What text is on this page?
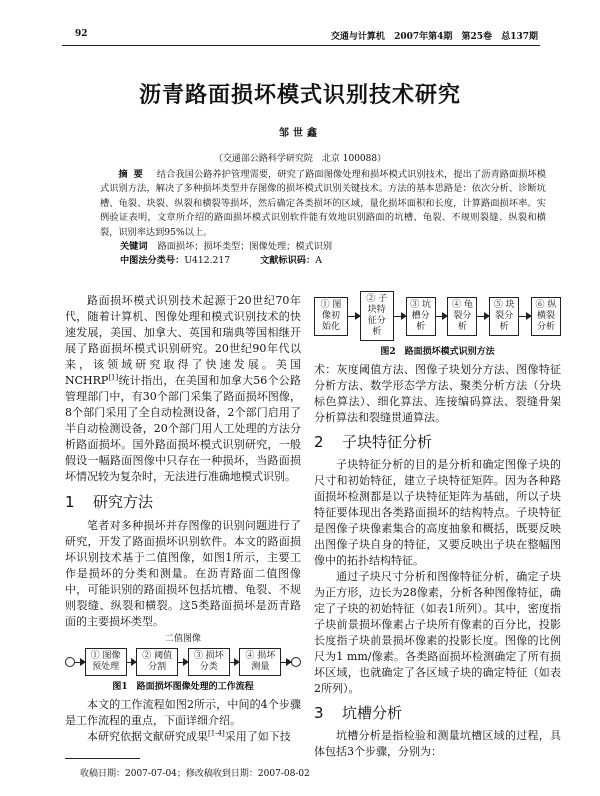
92	交通与计算机 2007年第4期 第25卷 总137期
沥青路面损坏模式识别技术研究
邹世鑫
（交通部公路科学研究院　北京 100088）
摘要 结合我国公路养护管理需要，研究了路面图像处理和损坏模式识别技术，提出了沥青路面损坏模式识别方法，解决了多种损坏类型并存图像的损坏模式识别关键技术。方法的基本思路是：依次分析、诊断坑槽、龟裂、块裂、纵裂和横裂等损坏，然后确定各类损坏的区域，量化损坏面积和长度，计算路面损坏率。实例验证表明，文章所介绍的路面损坏模式识别软件能有效地识别路面的坑槽、龟裂、不规则裂缝、纵裂和横裂，识别率达到95%以上。
关键词 路面损坏；损坏类型；图像处理；模式识别
中图法分类号：U412.217	文献标识码：A

路面损坏模式识别技术起源于20世纪70年代，随着计算机、图像处理和模式识别技术的快速发展，美国、加拿大、英国和瑞典等国相继开展了路面损坏模式识别研究。20世纪90年代以来，该领域研究取得了快速发展。美国NCHRP[1]统计指出，在美国和加拿大56个公路管理部门中，有30个部门采集了路面损坏图像，8个部门采用了全自动检测设备，2个部门启用了半自动检测设备，20个部门用人工处理的方法分析路面损坏。国外路面损坏模式识别研究，一般假设一幅路面图像中只存在一种损坏，当路面损坏情况较为复杂时，无法进行准确地模式识别。

1 研究方法

笔者对多种损坏并存图像的识别问题进行了研究，开发了路面损坏识别软件。本文的路面损坏识别技术基于二值图像，如图1所示，主要工作是损坏的分类和测量。在沥青路面二值图像中，可能识别的路面损坏包括坑槽、龟裂、不规则裂缝、纵裂和横裂。这5类路面损坏是沥青路面的主要损坏类型。

二值图像
① 图像预处理
② 阈值分割
③ 损坏分类
④ 损坏测量
图1　路面损坏图像处理的工作流程

本文的工作流程如图2所示，中间的4个步骤是工作流程的重点，下面详细介绍。

本研究依据文献研究成果[1-4]采用了如下技

收稿日期：2007-07-04；修改稿收到日期：2007-08-02
① 图像初始化
② 子块特征分析
③ 坑槽分析
④ 龟裂分析
⑤ 块裂分析
⑥ 纵横裂分析
图2　路面损坏模式识别方法

术：灰度阈值方法、图像子块划分方法、图像特征分析方法、数学形态学方法、聚类分析方法（分块标色算法）、细化算法、连接编码算法、裂缝骨架分析算法和裂缝贯通算法。

2 子块特征分析

子块特征分析的目的是分析和确定图像子块的尺寸和初始特征，建立子块特征矩阵。因为各种路面损坏检测都是以子块特征矩阵为基础，所以子块特征要体现出各类路面损坏的结构特点。子块特征是图像子块像素集合的高度抽象和概括，既要反映出图像子块自身的特征，又要反映出子块在整幅图像中的拓扑结构特征。

通过子块尺寸分析和图像特征分析，确定子块为正方形，边长为28像素，分析各种图像特征，确定了子块的初始特征（如表1所列）。其中，密度指子块前景损坏像素占子块所有像素的百分比，投影长度指子块前景损坏像素的投影长度。图像的比例尺为1 mm/像素。各类路面损坏检测确定了所有损坏区域，也就确定了各区域子块的确定特征（如表2所列）。

3 坑槽分析

坑槽分析是指检验和测量坑槽区域的过程，具体包括3个步骤，分别为：
